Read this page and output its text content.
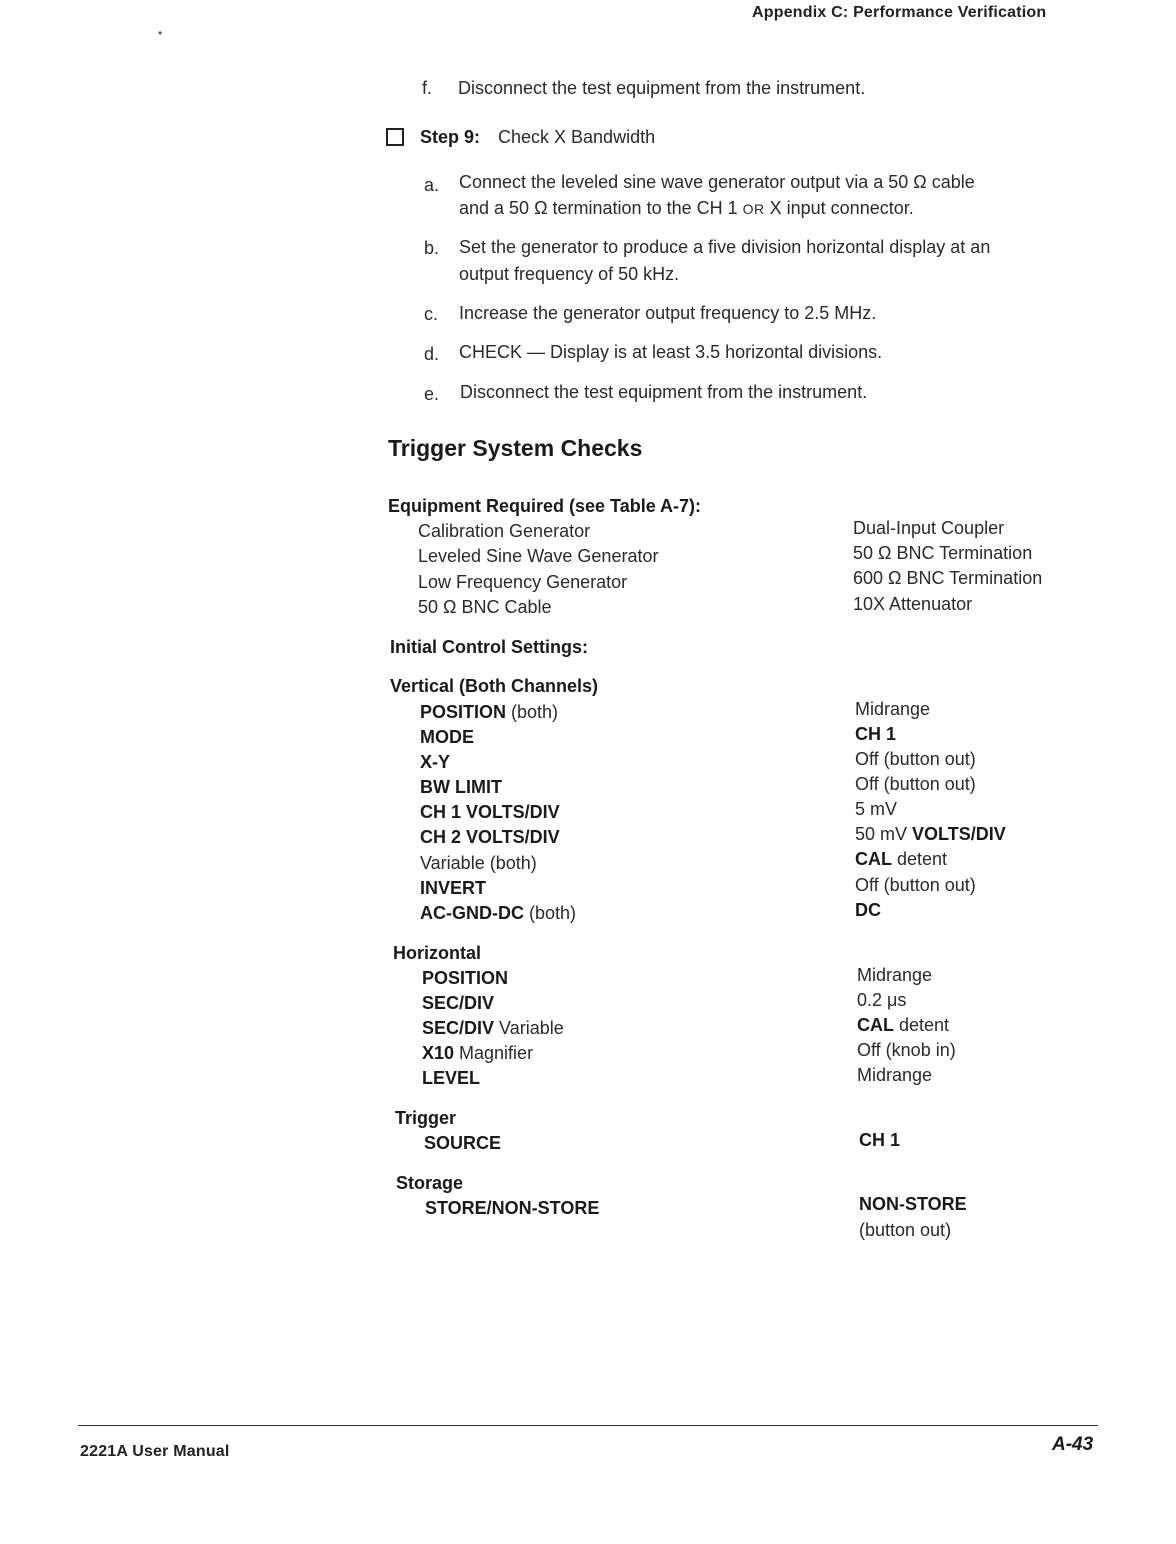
•
Appendix C: Performance Verification
f. Disconnect the test equipment from the instrument.
Step 9: Check X Bandwidth
a. Connect the leveled sine wave generator output via a 50 Ω cable
and a 50 Ω termination to the CH 1 OR X input connector.
b. Set the generator to produce a five division horizontal display at an
output frequency of 50 kHz.
c. Increase the generator output frequency to 2.5 MHz.
d. CHECK — Display is at least 3.5 horizontal divisions.
e. Disconnect the test equipment from the instrument.
Trigger System Checks
Equipment Required (see Table A-7):
Calibration Generator
Leveled Sine Wave Generator
Low Frequency Generator
50 Ω BNC Cable
Dual-Input Coupler
50 Ω BNC Termination
600 Ω BNC Termination
10X Attenuator
Initial Control Settings:
Vertical (Both Channels)
POSITION (both)	Midrange
MODE	CH 1
X-Y	Off (button out)
BW LIMIT	Off (button out)
CH 1 VOLTS/DIV	5 mV
CH 2 VOLTS/DIV	50 mV VOLTS/DIV
Variable (both)	CAL detent
INVERT	Off (button out)
AC-GND-DC (both)	DC
Horizontal
POSITION	Midrange
SEC/DIV	0.2 μs
SEC/DIV Variable	CAL detent
X10 Magnifier	Off (knob in)
LEVEL	Midrange
Trigger
SOURCE	CH 1
Storage
STORE/NON-STORE	NON-STORE
(button out)
2221A User Manual	A-43
